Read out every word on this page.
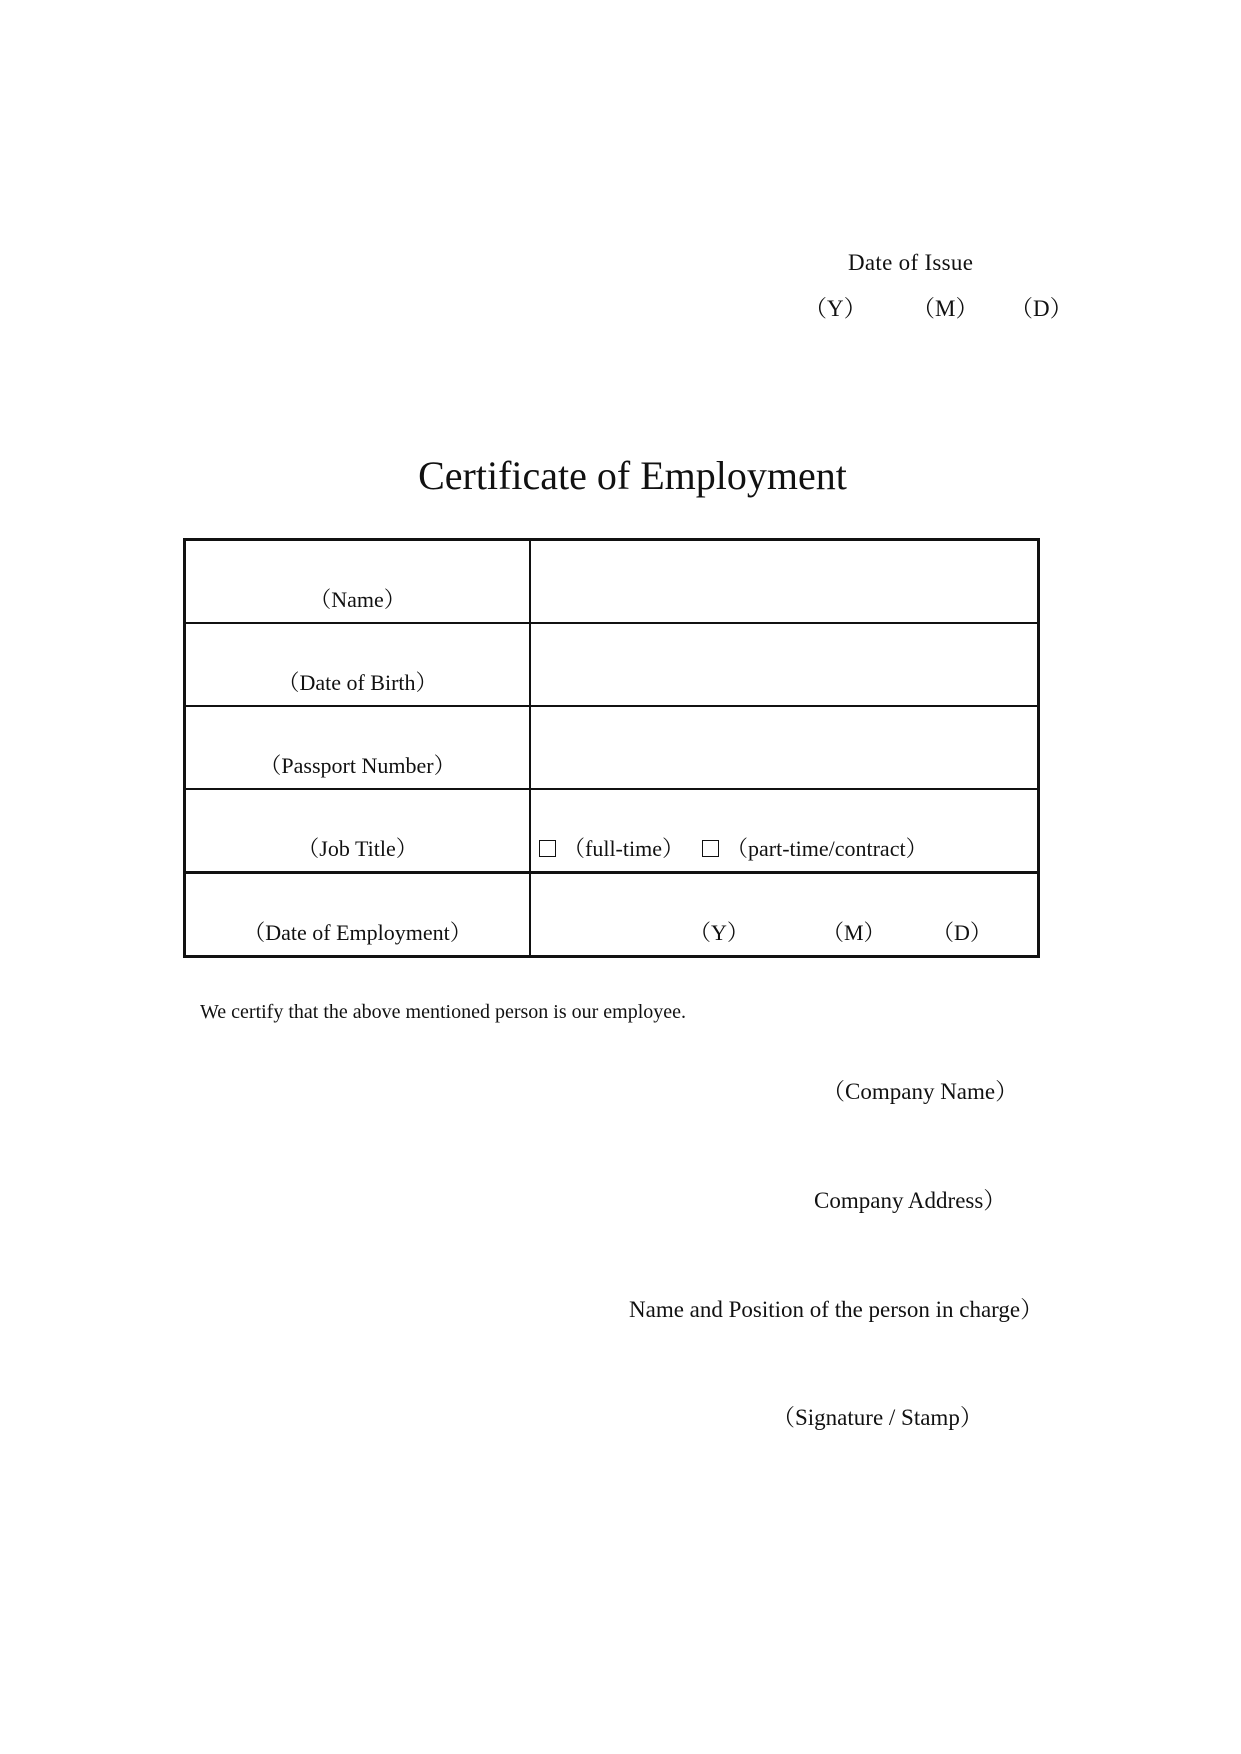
Date of Issue
（Y） （M） （D）
Certificate of Employment
（Name）	
（Date of Birth）	
（Passport Number）	
（Job Title）	（full-time） （part-time/contract）
（Date of Employment）	（Y） （M） （D）
We certify that the above mentioned person is our employee.
（Company Name）
Company Address）
Name and Position of the person in charge）
（Signature / Stamp）
